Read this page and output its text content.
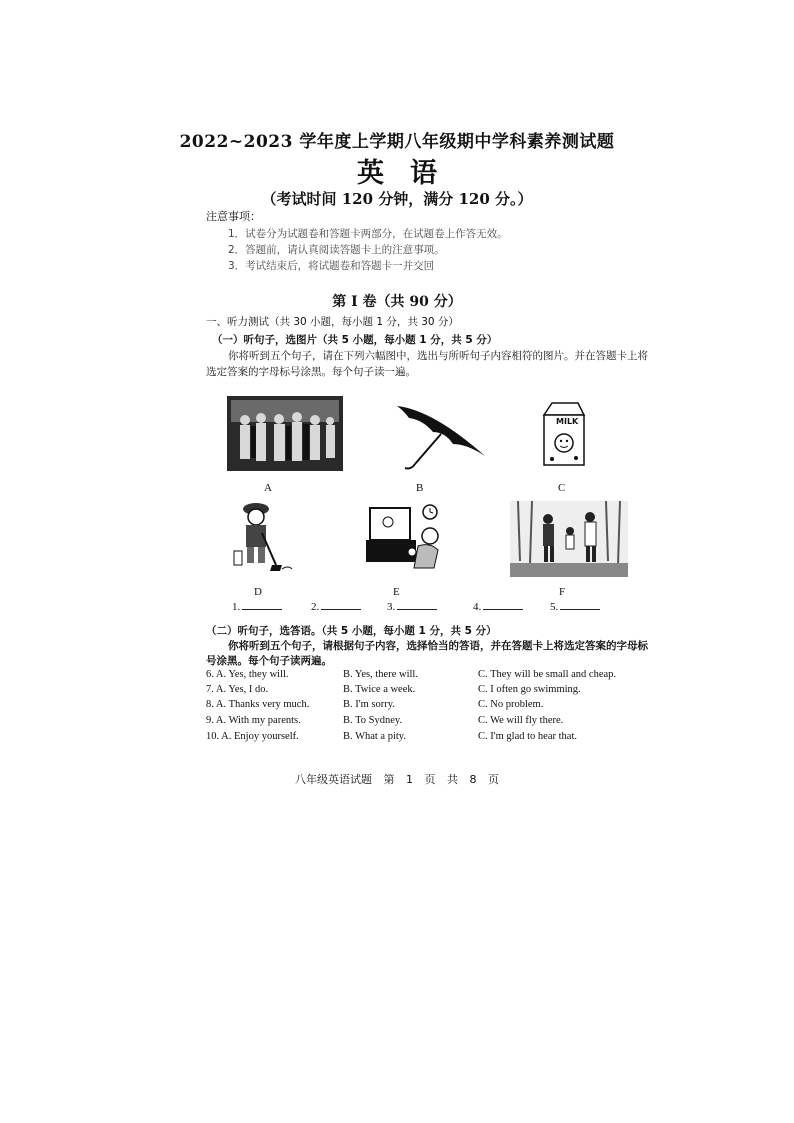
2022~2023 学年度上学期八年级期中学科素养测试题
英语
（考试时间 120 分钟，满分 120 分。）
注意事项：
1．试卷分为试题卷和答题卡两部分，在试题卷上作答无效。
2．答题前，请认真阅读答题卡上的注意事项。
3．考试结束后，将试题卷和答题卡一并交回
第 I 卷（共 90 分）
一、听力测试（共 30 小题，每小题 1 分，共 30 分）
（一）听句子，选图片（共 5 小题，每小题 1 分，共 5 分）
你将听到五个句子，请在下列六幅图中，选出与所听句子内容相符的图片。并在答题卡上将
选定答案的字母标号涂黑。每个句子读一遍。
A	B
MILK
C
D	E	F
1.	2.	3.	4.	5.
（二）听句子，选答语。（共 5 小题，每小题 1 分，共 5 分）
你将听到五个句子，请根据句子内容，选择恰当的答语，并在答题卡上将选定答案的字母标
号涂黑。每个句子读两遍。
6. A. Yes, they will.	B. Yes, there will.	C. They will be small and cheap.
7. A. Yes, I do.	B. Twice a week.	C. I often go swimming.
8. A. Thanks very much.	B. I'm sorry.	C. No problem.
9. A. With my parents.	B. To Sydney.	C. We will fly there.
10. A. Enjoy yourself.	B. What a pity.	C. I'm glad to hear that.
八年级英语试题 第 1 页 共 8 页
